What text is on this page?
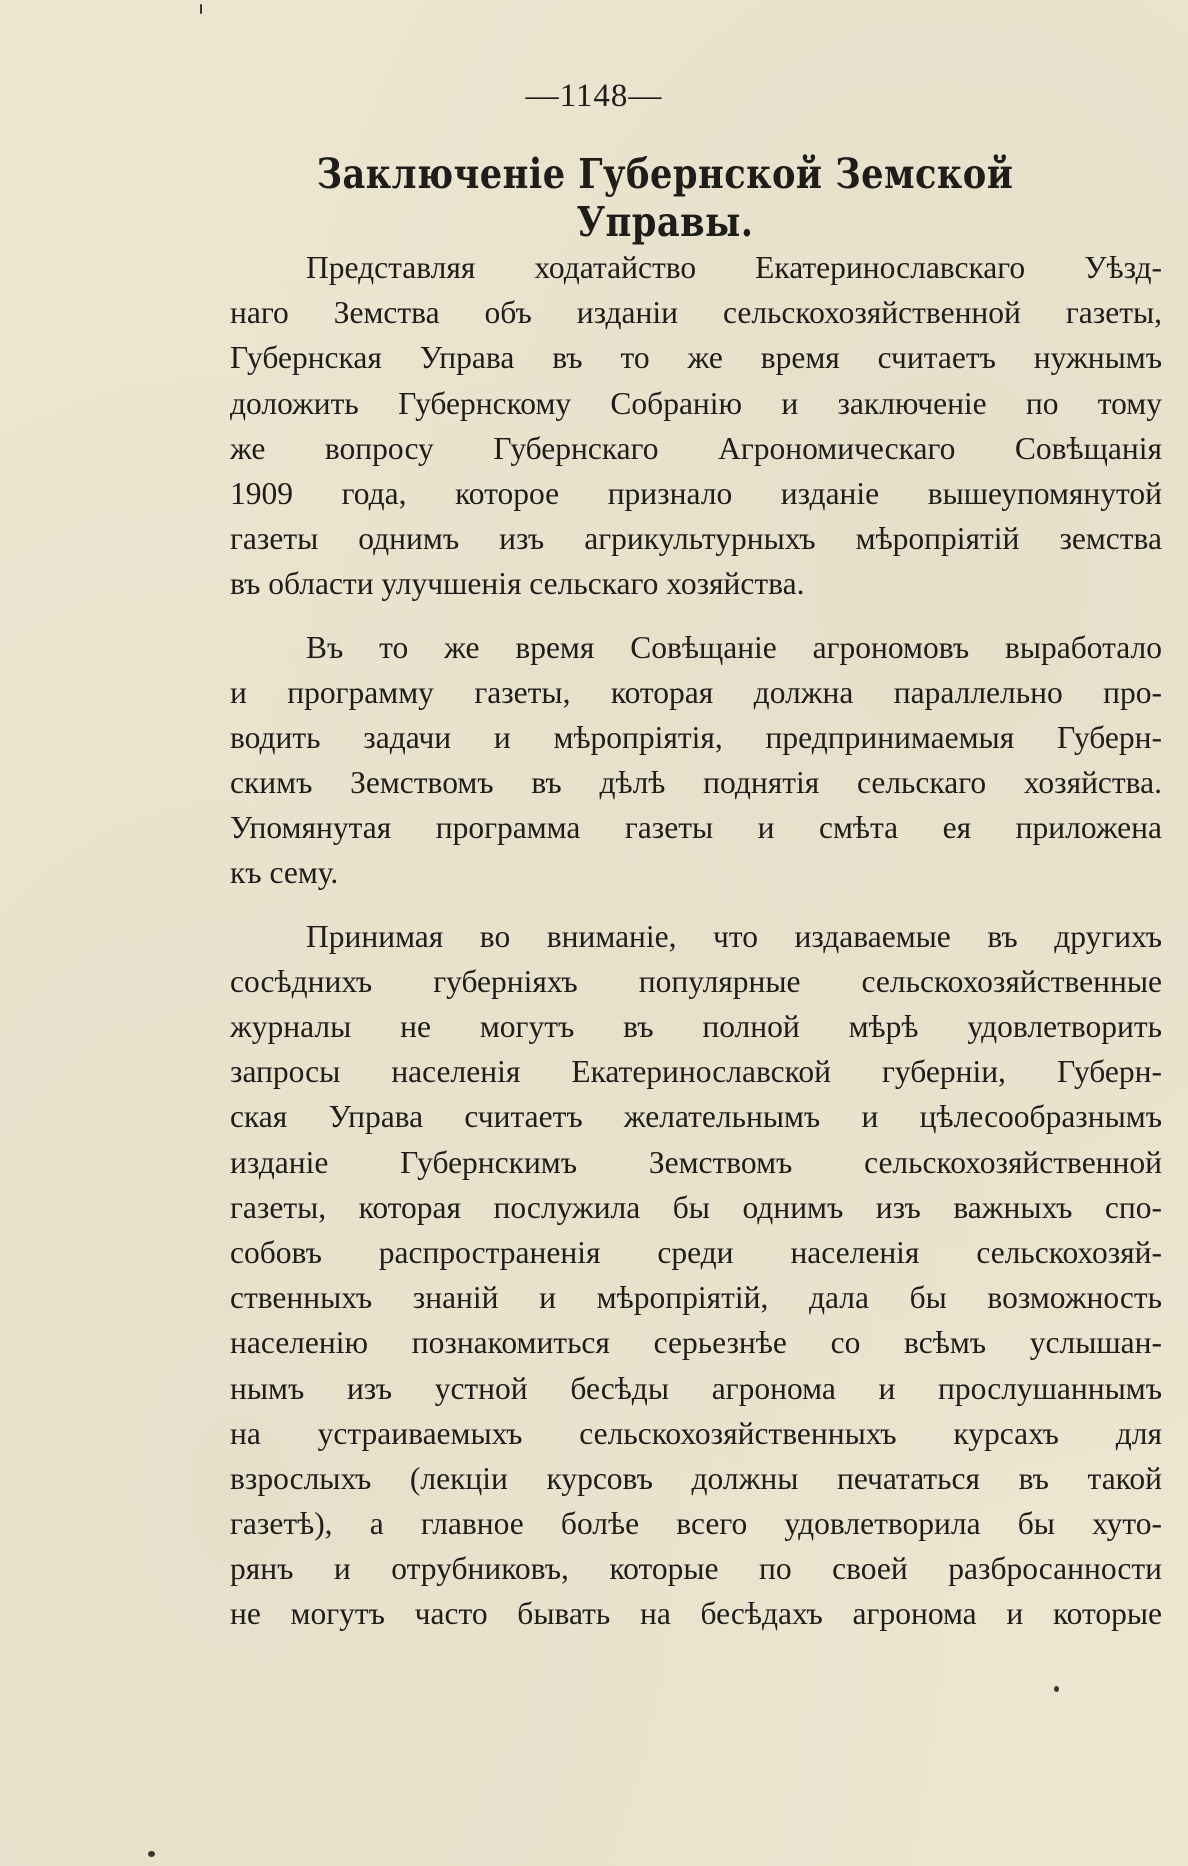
—1148—
Заключеніе Губернской Земской Управы.
Представляя ходатайство Екатеринославскаго Уѣзд-
наго Земства объ изданіи сельскохозяйственной газеты,
Губернская Управа въ то же время считаетъ нужнымъ
доложить Губернскому Собранію и заключеніе по тому
же вопросу Губернскаго Агрономическаго Совѣщанія
1909 года, которое признало изданіе вышеупомянутой
газеты однимъ изъ агрикультурныхъ мѣропріятій земства
въ области улучшенія сельскаго хозяйства.
Въ то же время Совѣщаніе агрономовъ выработало
и программу газеты, которая должна параллельно про-
водить задачи и мѣропріятія, предпринимаемыя Губерн-
скимъ Земствомъ въ дѣлѣ поднятія сельскаго хозяйства.
Упомянутая программа газеты и смѣта ея приложена
къ сему.
Принимая во вниманіе, что издаваемые въ другихъ
сосѣднихъ губерніяхъ популярные сельскохозяйственные
журналы не могутъ въ полной мѣрѣ удовлетворить
запросы населенія Екатеринославской губерніи, Губерн-
ская Управа считаетъ желательнымъ и цѣлесообразнымъ
изданіе Губернскимъ Земствомъ сельскохозяйственной
газеты, которая послужила бы однимъ изъ важныхъ спо-
собовъ распространенія среди населенія сельскохозяй-
ственныхъ знаній и мѣропріятій, дала бы возможность
населенію познакомиться серьезнѣе со всѣмъ услышан-
нымъ изъ устной бесѣды агронома и прослушаннымъ
на устраиваемыхъ сельскохозяйственныхъ курсахъ для
взрослыхъ (лекціи курсовъ должны печататься въ такой
газетѣ), а главное болѣе всего удовлетворила бы хуто-
рянъ и отрубниковъ, которые по своей разбросанности
не могутъ часто бывать на бесѣдахъ агронома и которые
